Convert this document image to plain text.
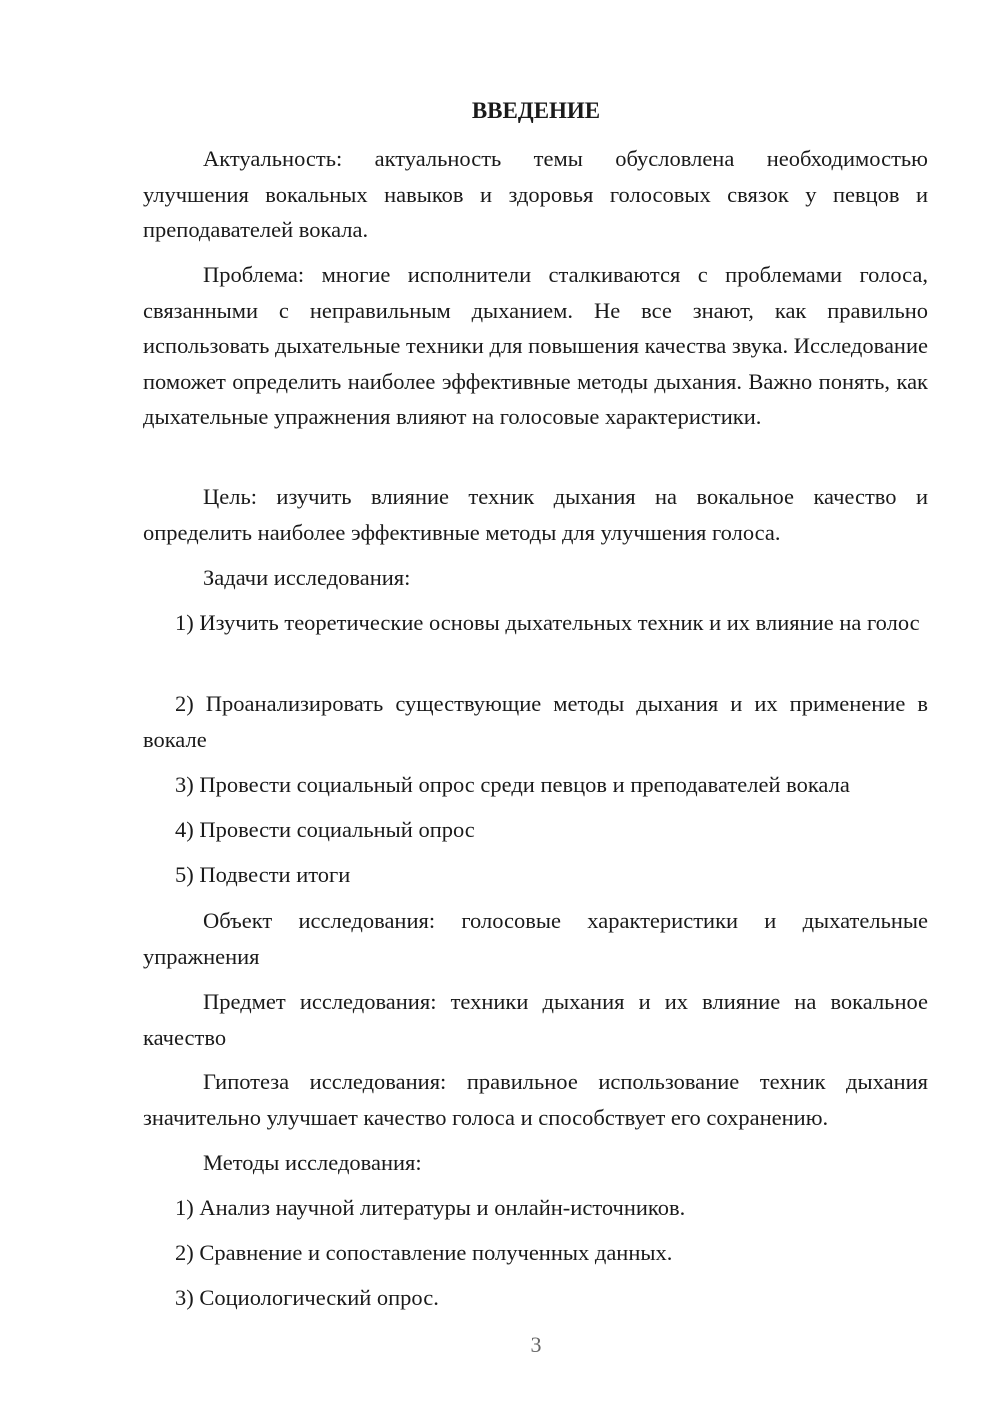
ВВЕДЕНИЕ

Актуальность: актуальность темы обусловлена необходимостью улучшения вокальных навыков и здоровья голосовых связок у певцов и преподавателей вокала.

Проблема: многие исполнители сталкиваются с проблемами голоса, связанными с неправильным дыханием. Не все знают, как правильно использовать дыхательные техники для повышения качества звука. Исследование поможет определить наиболее эффективные методы дыхания. Важно понять, как дыхательные упражнения влияют на голосовые характеристики.

Цель: изучить влияние техник дыхания на вокальное качество и определить наиболее эффективные методы для улучшения голоса.

Задачи исследования:

1) Изучить теоретические основы дыхательных техник и их влияние на голос

2) Проанализировать существующие методы дыхания и их применение в вокале

3) Провести социальный опрос среди певцов и преподавателей вокала

4) Провести социальный опрос

5) Подвести итоги

Объект исследования: голосовые характеристики и дыхательные упражнения

Предмет исследования: техники дыхания и их влияние на вокальное качество

Гипотеза исследования: правильное использование техник дыхания значительно улучшает качество голоса и способствует его сохранению.

Методы исследования:

1) Анализ научной литературы и онлайн-источников.

2) Сравнение и сопоставление полученных данных.

3) Социологический опрос.

3
